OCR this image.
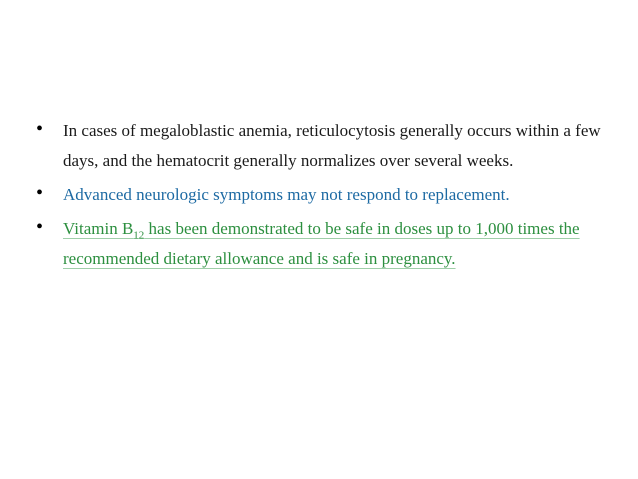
• In cases of megaloblastic anemia, reticulocytosis generally occurs within a few days, and the hematocrit generally normalizes over several weeks.
• Advanced neurologic symptoms may not respond to replacement.
• Vitamin $B_{12}$ has been demonstrated to be safe in doses up to 1,000 times the recommended dietary allowance and is safe in pregnancy.
